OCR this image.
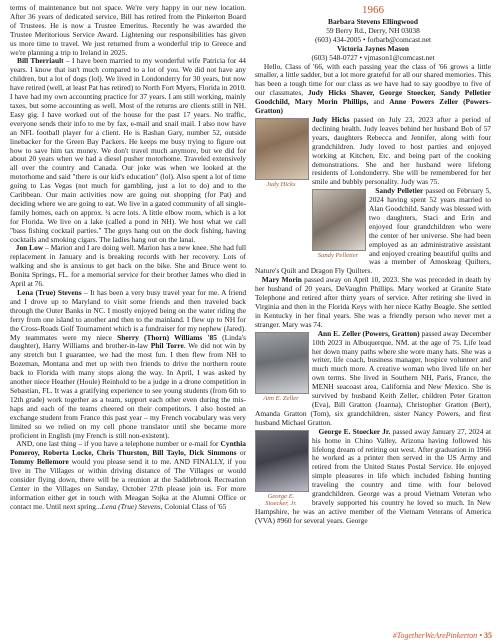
terms of maintenance but not space. We're very happy in our new location. After 36 years of dedicated service, Bill has retired from the Pinkerton Board of Trustees. He is now a Trustee Emeritus. Recently he was awarded the Trustee Meritorious Service Award. Lightening our responsibilities has given us more time to travel. We just returned from a wonderful trip to Greece and we're planning a trip to Ireland in 2025.

Bill Therriault – I have been married to my wonderful wife Patricia for 44 years. I know that isn't much compared to a lot of you. We did not have any children, but a lot of dogs (lol). We lived in Londonderry for 30 years, but now have retired (well, at least Pat has retired) to North Fort Myers, Florida in 2010. I have had my own accounting practice for 37 years. I am still working, mainly taxes, but some accounting as well. Most of the returns are clients still in NH. Easy gig. I have worked out of the house for the past 17 years. No traffic, everyone sends their info to me by fax, e-mail and snail mail. I also now have an NFL football player for a client. He is Rashan Gary, number 52, outside linebacker for the Green Bay Packers. He keeps me busy trying to figure out how to save him tax money. We don't travel much anymore, but we did for about 20 years when we had a diesel pusher motorhome. Traveled extensively all over the country and Canada. Our joke was when we looked at the motorhome and said "there is our kid's education" (lol). Also spent a lot of time going to Las Vegas (not much for gambling, just a lot to do) and to the Caribbean. Our main activities now are going out shopping (for Pat) and deciding where we are going to eat. We live in a gated community of all single-family homes, each on approx. ¼ acre lots. A little elbow room, which is a lot for Florida. We live on a lake (called a pond in NH). We host what we call "bass fishing cocktail parties." The guys hang out on the dock fishing, having cocktails and smoking cigars. The ladies hang out on the lanai.

Jon Low – Marion and I are doing well. Marion has a new knee. She had full replacement in January and is breaking records with her recovery. Lots of walking and she is anxious to get back on the bike. She and Bruce went to Bonita Springs, FL. for a memorial service for their brother James who died in April at 76.

Lena (True) Stevens – It has been a very busy travel year for me. A friend and I drove up to Maryland to visit some friends and then traveled back through the Outer Banks in NC. I mostly enjoyed being on the water riding the ferry from one island to another and then to the mainland. I flew up to NH for the Cross-Roads Golf Tournament which is a fundraiser for my nephew (Jared). My teammates were my niece Sherry (Thorn) Williams '85 (Linda's daughter), Harry Williams and brother-in-law Phil Torre. We did not win by any stretch but I guarantee, we had the most fun. I then flew from NH to Bozeman, Montana and met up with two friends to drive the northern route back to Florida with many stops along the way. In April, I was asked by another niece Heather (Houle) Reinhold to be a judge in a drone competition in Sebastian, FL. It was a gratifying experience to see young students (from 6th to 12th grade) work together as a team, support each other even during the mis-haps and each of the teams cheered on their competitors. I also hosted an exchange student from France this past year – my French vocabulary was very limited so we relied on my cell phone translator until she became more proficient in English (my French is still non-existent).

AND, one last thing – if you have a telephone number or e-mail for Cynthia Pomeroy, Roberta Locke, Chris Thurston, Bill Taylo, Dick Simmons or Tommy Bellemore would you please send it to me. AND FINALLY, if you live in The Villages or within driving distance of The Villages or would consider flying down, there will be a reunion at the Saddlebrook Recreation Center in the Villages on Sunday, October 27th please join us. For more information either get in touch with Meagan Sojka at the Alumni Office or contact me. Until next spring...Lena (True) Stevens, Colonial Class of '65

1966
Barbara Stevens Ellingwood
59 Berry Rd., Derry, NH 03038
(603) 434-2005 • forbarb@comcast.net
Victoria Jaynes Mason
(603) 548-0727 • vjmason1@comcast.net

Hello, Class of '66, with each passing year the class of '66 grows a little smaller, a little sadder, but a lot more grateful for all our shared memories. This has been a tough time for our class as we have had to say goodbye to five of our classmates, Judy Hicks Shaver, George Stoecker, Sandy Pelletier Goodchild, Mary Morin Phillips, and Anne Powers Zeller (Powers-Gratton)

Judy Hicks

Judy Hicks passed on July 23, 2023 after a period of declining health. Judy leaves behind her husband Bob of 57 years, daughters Rebecca and Jennifer, along with four grandchildren. Judy loved to host parties and enjoyed working at Kitchen, Etc. and being part of the cooking demonstrations. She and her husband were lifelong residents of Londonderry. She will be remembered for her smile and bubbly personality. Judy was 75.

Sandy Pelletier

Sandy Pelletier passed on February 5, 2024 having spent 52 years married to Alan Goodchild. Sandy was blessed with two daughters, Staci and Erin and enjoyed four grandchildren who were the center of her universe. She had been employed as an administrative assistant and enjoyed creating beautiful quilts and was a member of Amoskeag Quilters, Nature's Quilt and Dragon Fly Quilters.

Mary Morin passed away on April 10, 2023. She was preceded in death by her husband of 20 years, DeVaughn Phillips. Mary worked at Granite State Telephone and retired after thirty years of service. After retiring she lived in Virginia and then in the Florida Keys with her niece Kathy Beagle. She settled in Kentucky in her final years. She was a friendly person who never met a stranger. Mary was 74.

Ann E. Zeller

Ann E. Zeller (Powers, Gratton) passed away December 10th 2023 in Albuquerque, NM. at the age of 75. Life lead her down many paths where she wore many hats. She was a writer, life coach, business manager, hospice volunteer and much much more. A creative woman who lived life on her own terms. She lived in Southern NH, Paris, France, the MENH seacoast area, California and New Mexico. She is survived by husband Keith Zeller, children Peter Gratton (Eva), Bill Gratton (Joanna), Christopher Gratton (Bert), Amanda Gratton (Tom), six grandchildren, sister Nancy Powers, and first husband Michael Gratton.

George E. Stoecker, Jr.

George E. Stoecker Jr. passed away January 27, 2024 at his home in Chino Valley, Arizona having followed his lifelong dream of retiring out west. After graduation in 1966 he worked as a printer then served in the US Army and retired from the United States Postal Service. He enjoyed simple pleasures in life which included fishing hunting traveling the country and time with four beloved grandchildren. George was a proud Vietnam Veteran who bravely supported his country he loved so much. In New Hampshire, he was an active member of the Vietnam Veterans of America (VVA) #960 for several years. George

#TogetherWeArePinkerton • 35
